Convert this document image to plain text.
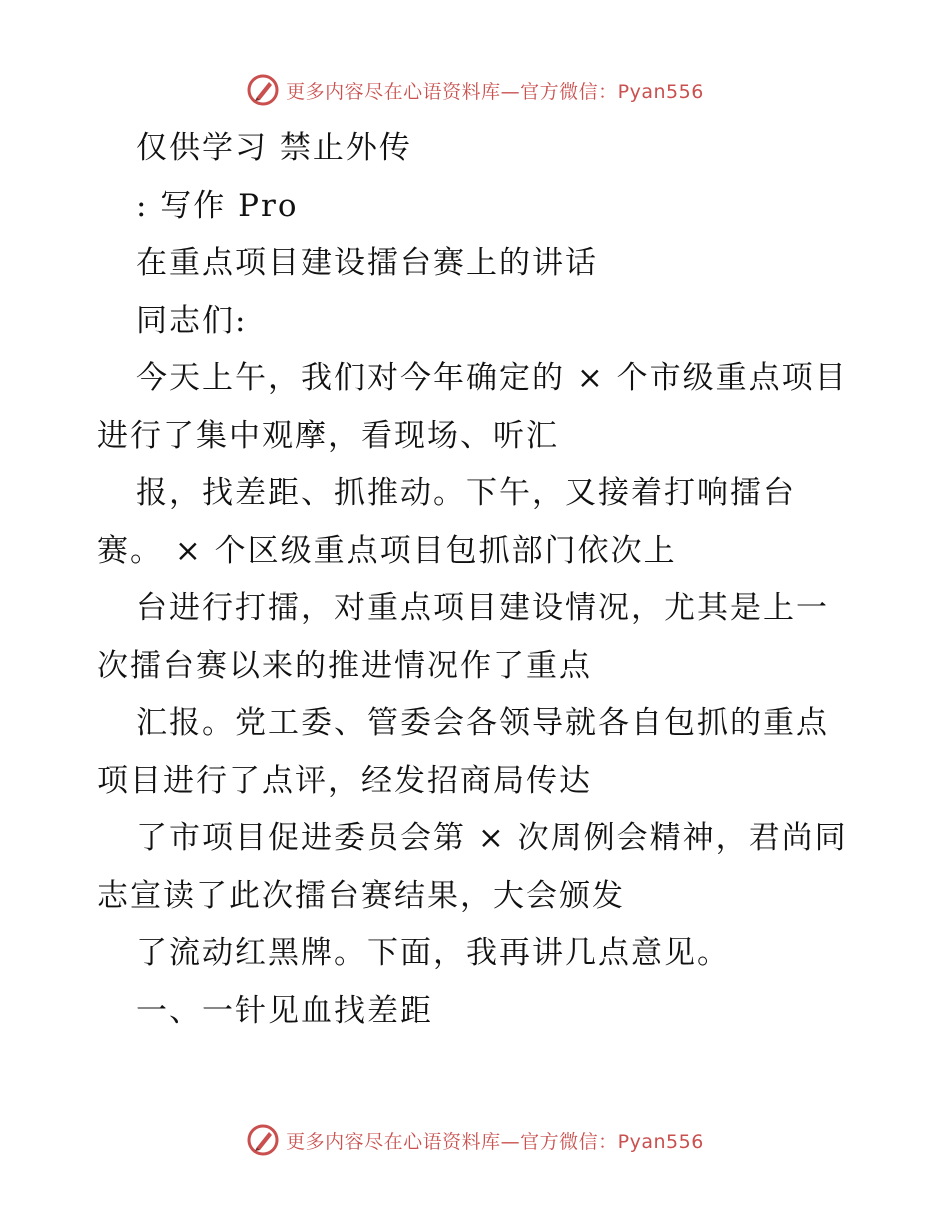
更多内容尽在心语资料库—官方微信：Pyan556
仅供学习 禁止外传
: 写作 Pro
在重点项目建设擂台赛上的讲话
同志们:
今天上午，我们对今年确定的 × 个市级重点项目
进行了集中观摩，看现场、听汇
报，找差距、抓推动。下午，又接着打响擂台
赛。 × 个区级重点项目包抓部门依次上
台进行打擂，对重点项目建设情况，尤其是上一
次擂台赛以来的推进情况作了重点
汇报。党工委、管委会各领导就各自包抓的重点
项目进行了点评，经发招商局传达
了市项目促进委员会第 × 次周例会精神，君尚同
志宣读了此次擂台赛结果，大会颁发
了流动红黑牌。下面，我再讲几点意见。
一、一针见血找差距
更多内容尽在心语资料库—官方微信：Pyan556
